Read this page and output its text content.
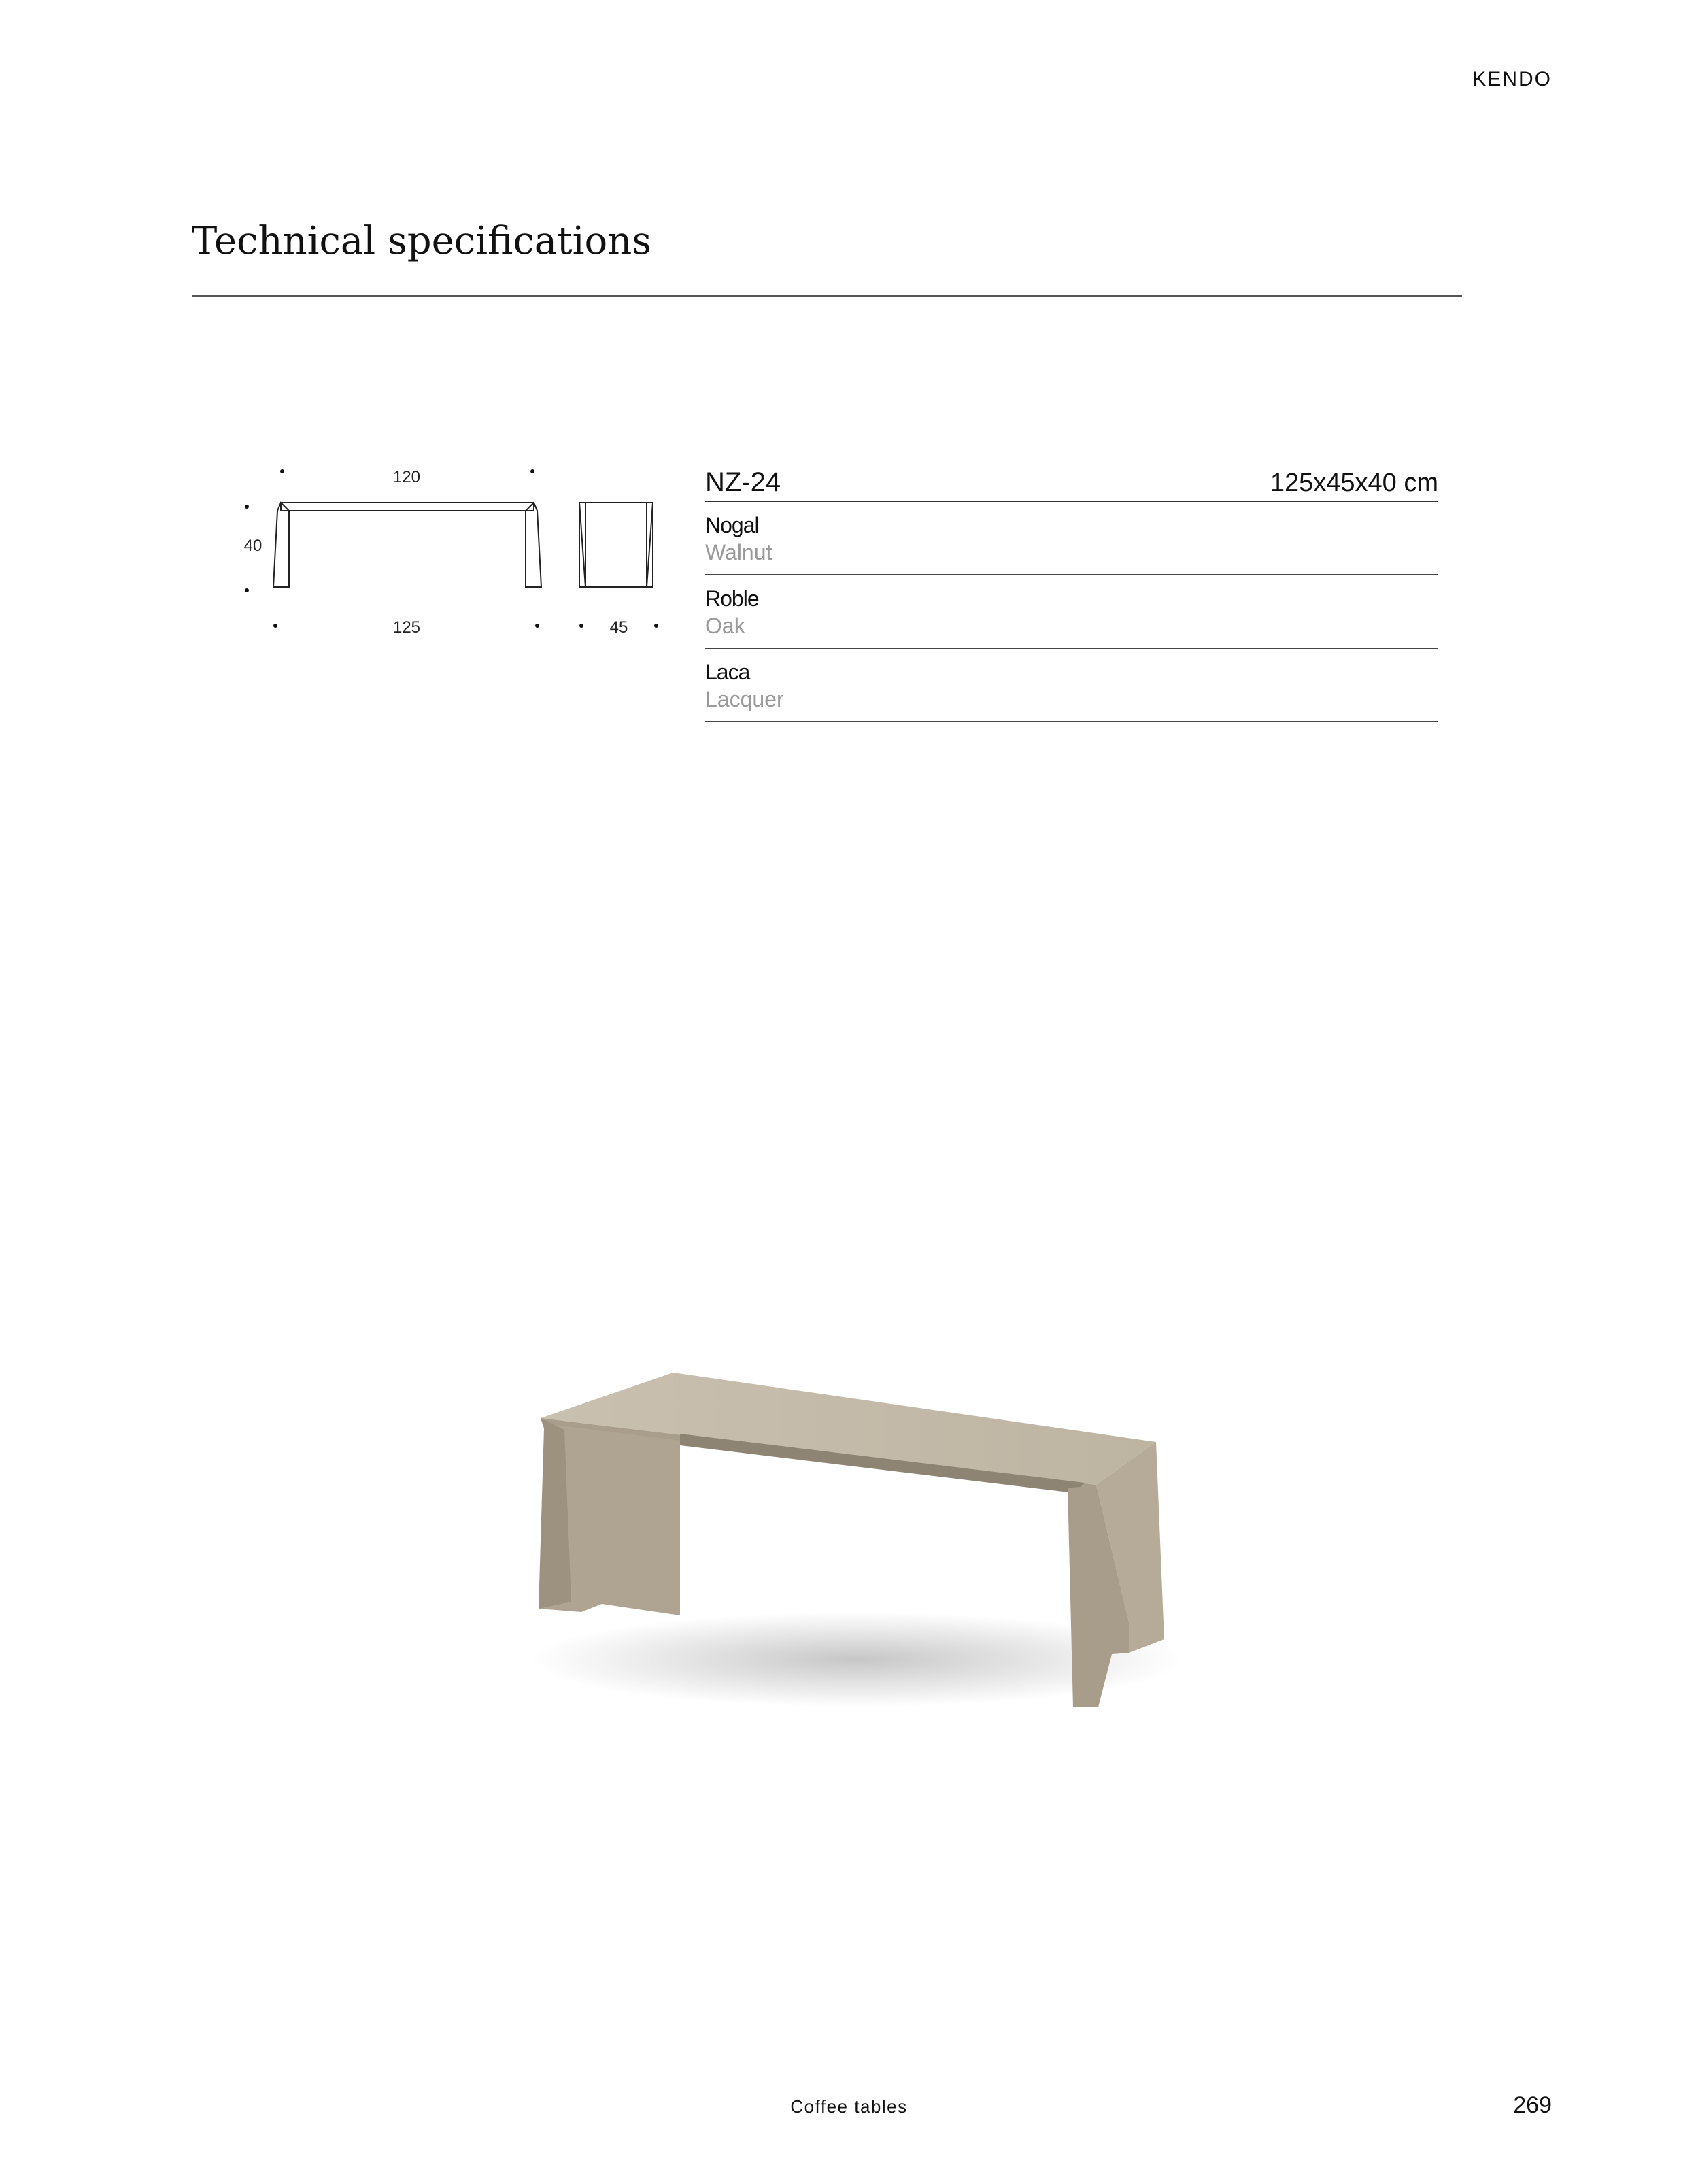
KENDO
Technical specifications
120
40
125	45
NZ-24	125x45x40 cm
Nogal
Walnut
Roble
Oak
Laca
Lacquer
Coffee tables	269
